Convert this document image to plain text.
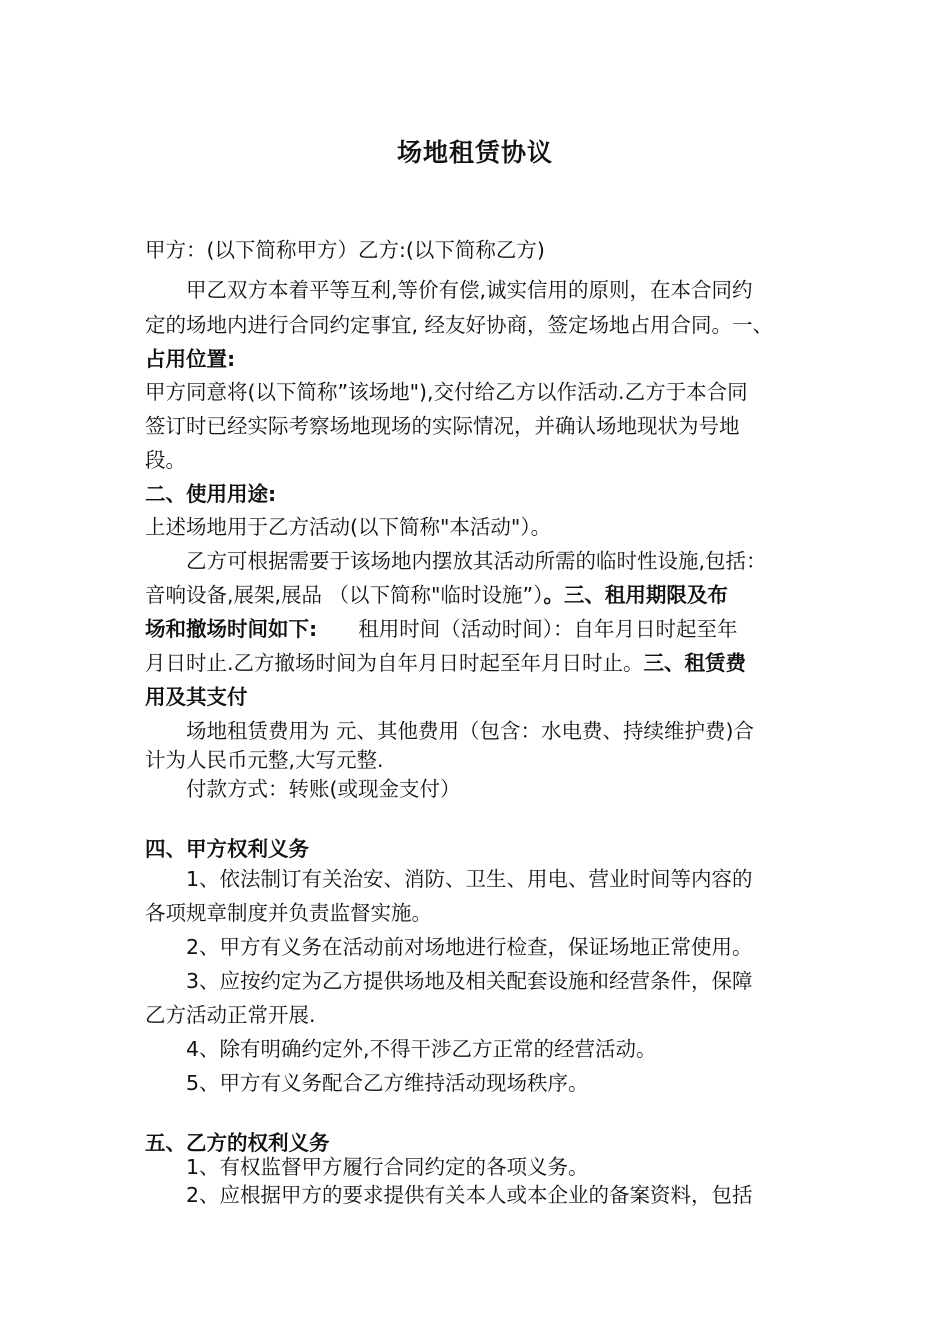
场地租赁协议
甲方：(以下简称甲方）乙方:(以下简称乙方)
　　甲乙双方本着平等互利,等价有偿,诚实信用的原则，在本合同约
定的场地内进行合同约定事宜, 经友好协商，签定场地占用合同。一、
占用位置:
甲方同意将(以下简称”该场地"),交付给乙方以作活动.乙方于本合同
签订时已经实际考察场地现场的实际情况，并确认场地现状为号地
段。
二、使用用途:
上述场地用于乙方活动(以下简称"本活动"）。
　　乙方可根据需要于该场地内摆放其活动所需的临时性设施,包括：
音响设备,展架,展品 （以下简称"临时设施”）。三、租用期限及布
场和撤场时间如下:　　租用时间（活动时间）：自年月日时起至年
月日时止.乙方撤场时间为自年月日时起至年月日时止。三、租赁费
用及其支付
　　场地租赁费用为 元、其他费用（包含：水电费、持续维护费)合
计为人民币元整,大写元整.
　　付款方式：转账(或现金支付）
四、甲方权利义务
　　1、依法制订有关治安、消防、卫生、用电、营业时间等内容的
各项规章制度并负责监督实施。
　　2、甲方有义务在活动前对场地进行检查，保证场地正常使用。
　　3、应按约定为乙方提供场地及相关配套设施和经营条件，保障
乙方活动正常开展.
　　4、除有明确约定外,不得干涉乙方正常的经营活动。
　　5、甲方有义务配合乙方维持活动现场秩序。
五、乙方的权利义务
　　1、有权监督甲方履行合同约定的各项义务。
　　2、应根据甲方的要求提供有关本人或本企业的备案资料，包括
